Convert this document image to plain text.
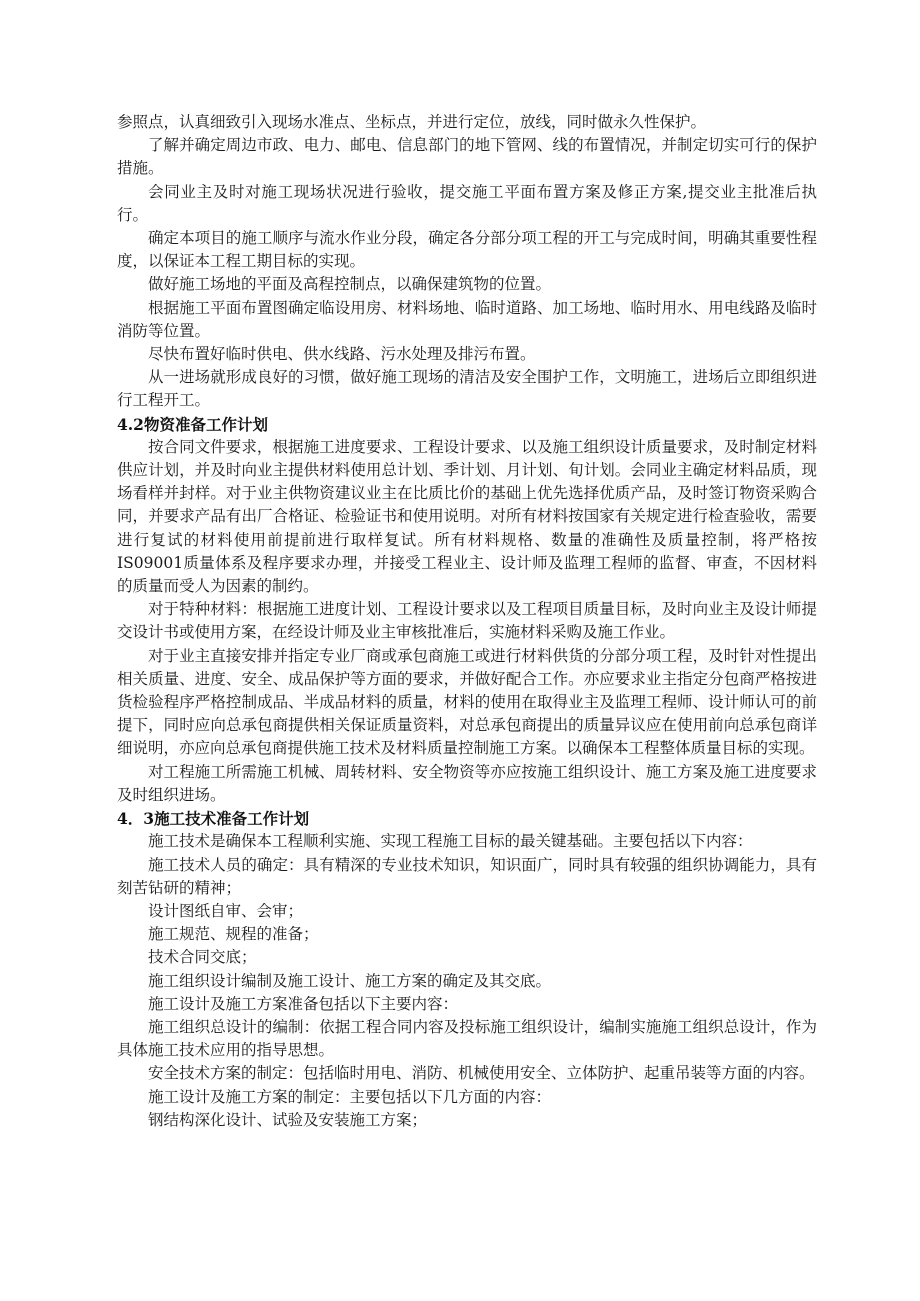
参照点，认真细致引入现场水准点、坐标点，并进行定位，放线，同时做永久性保护。

了解并确定周边市政、电力、邮电、信息部门的地下管网、线的布置情况，并制定切实可行的保护措施。

会同业主及时对施工现场状况进行验收，提交施工平面布置方案及修正方案,提交业主批准后执行。

确定本项目的施工顺序与流水作业分段，确定各分部分项工程的开工与完成时间，明确其重要性程度，以保证本工程工期目标的实现。

做好施工场地的平面及高程控制点，以确保建筑物的位置。

根据施工平面布置图确定临设用房、材料场地、临时道路、加工场地、临时用水、用电线路及临时消防等位置。

尽快布置好临时供电、供水线路、污水处理及排污布置。

从一进场就形成良好的习惯，做好施工现场的清洁及安全围护工作，文明施工，进场后立即组织进行工程开工。

4.2物资准备工作计划

按合同文件要求，根据施工进度要求、工程设计要求、以及施工组织设计质量要求，及时制定材料供应计划，并及时向业主提供材料使用总计划、季计划、月计划、旬计划。会同业主确定材料品质，现场看样并封样。对于业主供物资建议业主在比质比价的基础上优先选择优质产品，及时签订物资采购合同，并要求产品有出厂合格证、检验证书和使用说明。对所有材料按国家有关规定进行检查验收，需要进行复试的材料使用前提前进行取样复试。所有材料规格、数量的准确性及质量控制，将严格按IS09001质量体系及程序要求办理，并接受工程业主、设计师及监理工程师的监督、审查，不因材料的质量而受人为因素的制约。

对于特种材料：根据施工进度计划、工程设计要求以及工程项目质量目标，及时向业主及设计师提交设计书或使用方案，在经设计师及业主审核批准后，实施材料采购及施工作业。

对于业主直接安排并指定专业厂商或承包商施工或进行材料供货的分部分项工程，及时针对性提出相关质量、进度、安全、成品保护等方面的要求，并做好配合工作。亦应要求业主指定分包商严格按进货检验程序严格控制成品、半成品材料的质量，材料的使用在取得业主及监理工程师、设计师认可的前提下，同时应向总承包商提供相关保证质量资料，对总承包商提出的质量异议应在使用前向总承包商详细说明，亦应向总承包商提供施工技术及材料质量控制施工方案。以确保本工程整体质量目标的实现。

对工程施工所需施工机械、周转材料、安全物资等亦应按施工组织设计、施工方案及施工进度要求及时组织进场。

4．3施工技术准备工作计划

施工技术是确保本工程顺利实施、实现工程施工目标的最关键基础。主要包括以下内容：

施工技术人员的确定：具有精深的专业技术知识，知识面广，同时具有较强的组织协调能力，具有刻苦钻研的精神；

设计图纸自审、会审；

施工规范、规程的准备；

技术合同交底；

施工组织设计编制及施工设计、施工方案的确定及其交底。

施工设计及施工方案准备包括以下主要内容：

施工组织总设计的编制：依据工程合同内容及投标施工组织设计，编制实施施工组织总设计，作为具体施工技术应用的指导思想。

安全技术方案的制定：包括临时用电、消防、机械使用安全、立体防护、起重吊装等方面的内容。

施工设计及施工方案的制定：主要包括以下几方面的内容：

钢结构深化设计、试验及安装施工方案；
